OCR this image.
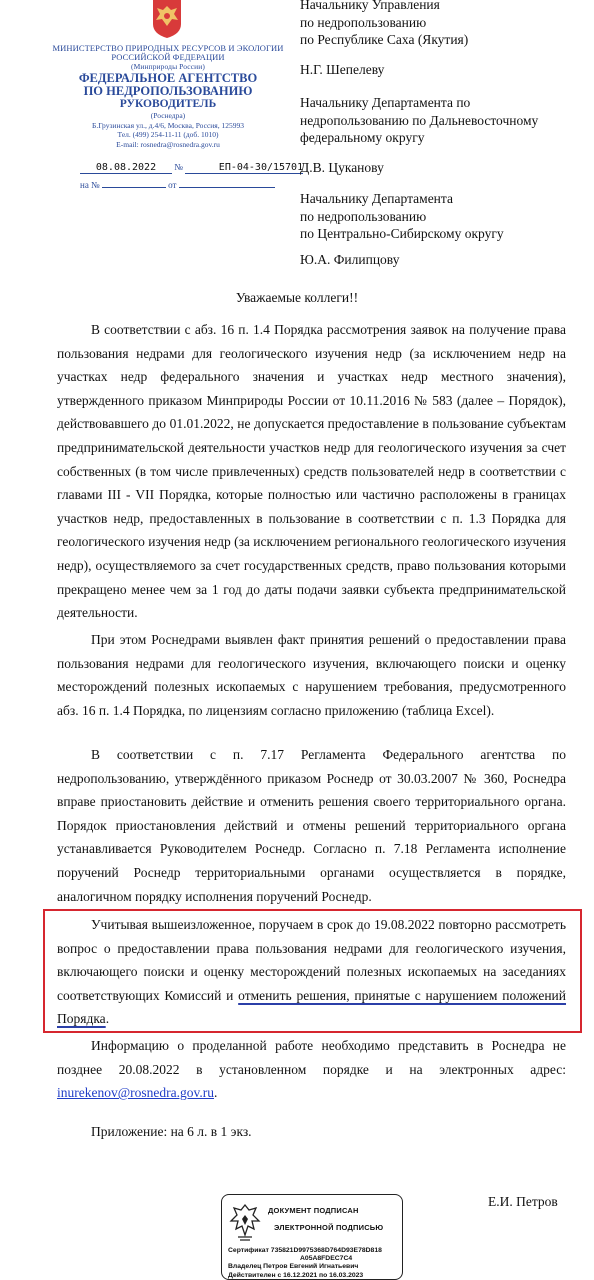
МИНИСТЕРСТВО ПРИРОДНЫХ РЕСУРСОВ И ЭКОЛОГИИ
РОССИЙСКОЙ ФЕДЕРАЦИИ
(Минприроды России)
ФЕДЕРАЛЬНОЕ АГЕНТСТВО
ПО НЕДРОПОЛЬЗОВАНИЮ
РУКОВОДИТЕЛЬ
(Роснедра)
Б.Грузинская ул., д.4/6, Москва, Россия, 125993
Тел. (499) 254-11-11 (доб. 1010)
E-mail: rosnedra@rosnedra.gov.ru
08.08.2022 №	ЕП-04-30/15701
на №	от
Начальнику Управления
по недропользованию
по Республике Саха (Якутия)
Н.Г. Шепелеву
Начальнику Департамента по
недропользованию по Дальневосточному
федеральному округу
Д.В. Цуканову
Начальнику Департамента
по недропользованию
по Центрально-Сибирскому округу
Ю.А. Филипцову
Уважаемые коллеги!!
В соответствии с абз. 16 п. 1.4 Порядка рассмотрения заявок на получение права пользования недрами для геологического изучения недр (за исключением недр на участках недр федерального значения и участках недр местного значения), утвержденного приказом Минприроды России от 10.11.2016 № 583 (далее – Порядок), действовавшего до 01.01.2022, не допускается предоставление в пользование субъектам предпринимательской деятельности участков недр для геологического изучения за счет собственных (в том числе привлеченных) средств пользователей недр в соответствии с главами III - VII Порядка, которые полностью или частично расположены в границах участков недр, предоставленных в пользование в соответствии с п. 1.3 Порядка для геологического изучения недр (за исключением регионального геологического изучения недр), осуществляемого за счет государственных средств, право пользования которыми прекращено менее чем за 1 год до даты подачи заявки субъекта предпринимательской деятельности.
При этом Роснедрами выявлен факт принятия решений о предоставлении права пользования недрами для геологического изучения, включающего поиски и оценку месторождений полезных ископаемых с нарушением требования, предусмотренного абз. 16 п. 1.4 Порядка, по лицензиям согласно приложению (таблица Excel).
В соответствии с п. 7.17 Регламента Федерального агентства по недропользованию, утверждённого приказом Роснедр от 30.03.2007 № 360, Роснедра вправе приостановить действие и отменить решения своего территориального органа. Порядок приостановления действий и отмены решений территориального органа устанавливается Руководителем Роснедр. Согласно п. 7.18 Регламента исполнение поручений Роснедр территориальными органами осуществляется в порядке, аналогичном порядку исполнения поручений Роснедр.
Учитывая вышеизложенное, поручаем в срок до 19.08.2022 повторно рассмотреть вопрос о предоставлении права пользования недрами для геологического изучения, включающего поиски и оценку месторождений полезных ископаемых на заседаниях соответствующих Комиссий и отменить решения, принятые с нарушением положений Порядка.
Информацию о проделанной работе необходимо представить в Роснедра не позднее 20.08.2022 в установленном порядке и на электронных адрес: inurekenov@rosnedra.gov.ru.
Приложение: на 6 л. в 1 экз.
ДОКУМЕНТ ПОДПИСАН
ЭЛЕКТРОННОЙ ПОДПИСЬЮ
Сертификат 735821D9975368D764D93E78D818
A05A8FDEC7C4
Владелец Петров Евгений Игнатьевич
Действителен с 16.12.2021 по 16.03.2023
Е.И. Петров
